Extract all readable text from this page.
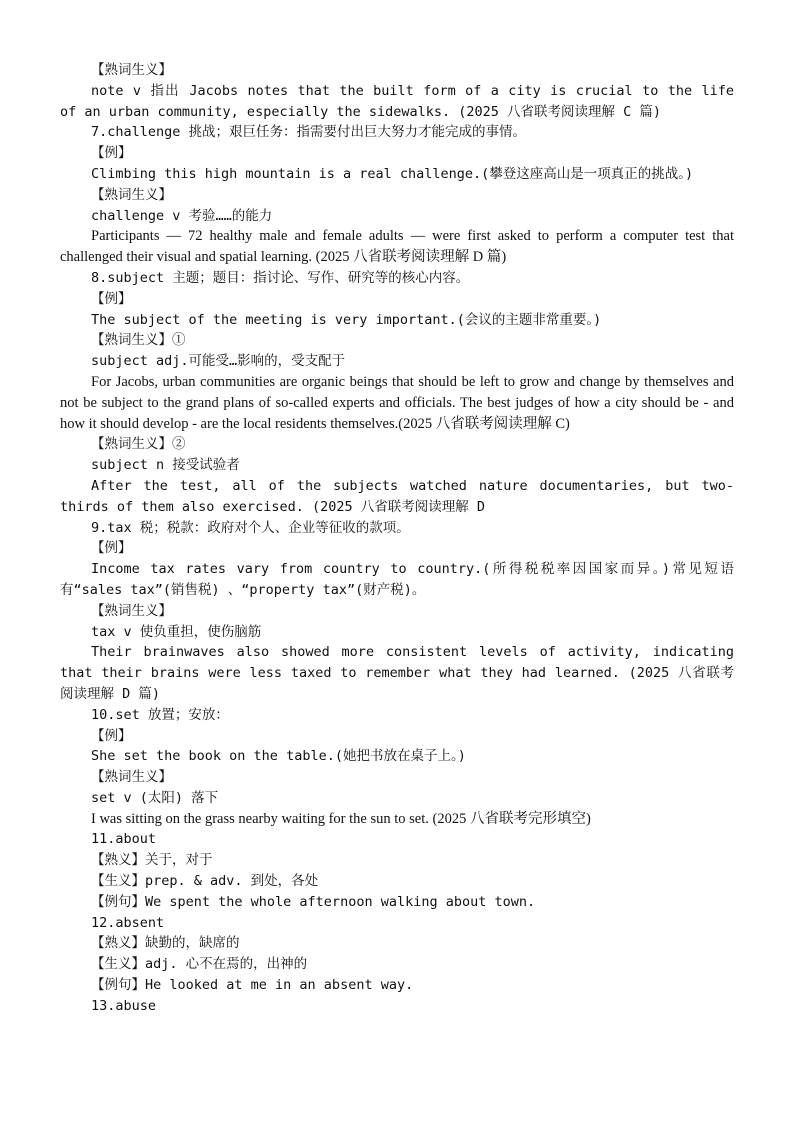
【熟词生义】
note v 指出 Jacobs notes that the built form of a city is crucial to the life of an urban community, especially the sidewalks. (2025 八省联考阅读理解 C 篇)
7.challenge 挑战；艰巨任务：指需要付出巨大努力才能完成的事情。
【例】
Climbing this high mountain is a real challenge.(攀登这座高山是一项真正的挑战。)
【熟词生义】
challenge v 考验……的能力
Participants — 72 healthy male and female adults — were first asked to perform a computer test that challenged their visual and spatial learning. (2025 八省联考阅读理解 D 篇)
8.subject 主题；题目：指讨论、写作、研究等的核心内容。
【例】
The subject of the meeting is very important.(会议的主题非常重要。)
【熟词生义】①
subject adj.可能受…影响的，受支配于
For Jacobs, urban communities are organic beings that should be left to grow and change by themselves and not be subject to the grand plans of so-called experts and officials. The best judges of how a city should be - and how it should develop - are the local residents themselves.(2025 八省联考阅读理解 C)
【熟词生义】②
subject n 接受试验者
After the test, all of the subjects watched nature documentaries, but two-thirds of them also exercised. (2025 八省联考阅读理解 D
9.tax 税；税款：政府对个人、企业等征收的款项。
【例】
Income tax rates vary from country to country.(所得税税率因国家而异。)常见短语有“sales tax”(销售税) 、“property tax”(财产税)。
【熟词生义】
tax v 使负重担，使伤脑筋
Their brainwaves also showed more consistent levels of activity, indicating that their brains were less taxed to remember what they had learned. (2025 八省联考阅读理解 D 篇)
10.set 放置；安放：
【例】
She set the book on the table.(她把书放在桌子上。)
【熟词生义】
set v (太阳) 落下
I was sitting on the grass nearby waiting for the sun to set. (2025 八省联考完形填空)
11.about
【熟义】关于，对于
【生义】prep. & adv. 到处，各处
【例句】We spent the whole afternoon walking about town.
12.absent
【熟义】缺勤的，缺席的
【生义】adj. 心不在焉的，出神的
【例句】He looked at me in an absent way.
13.abuse
